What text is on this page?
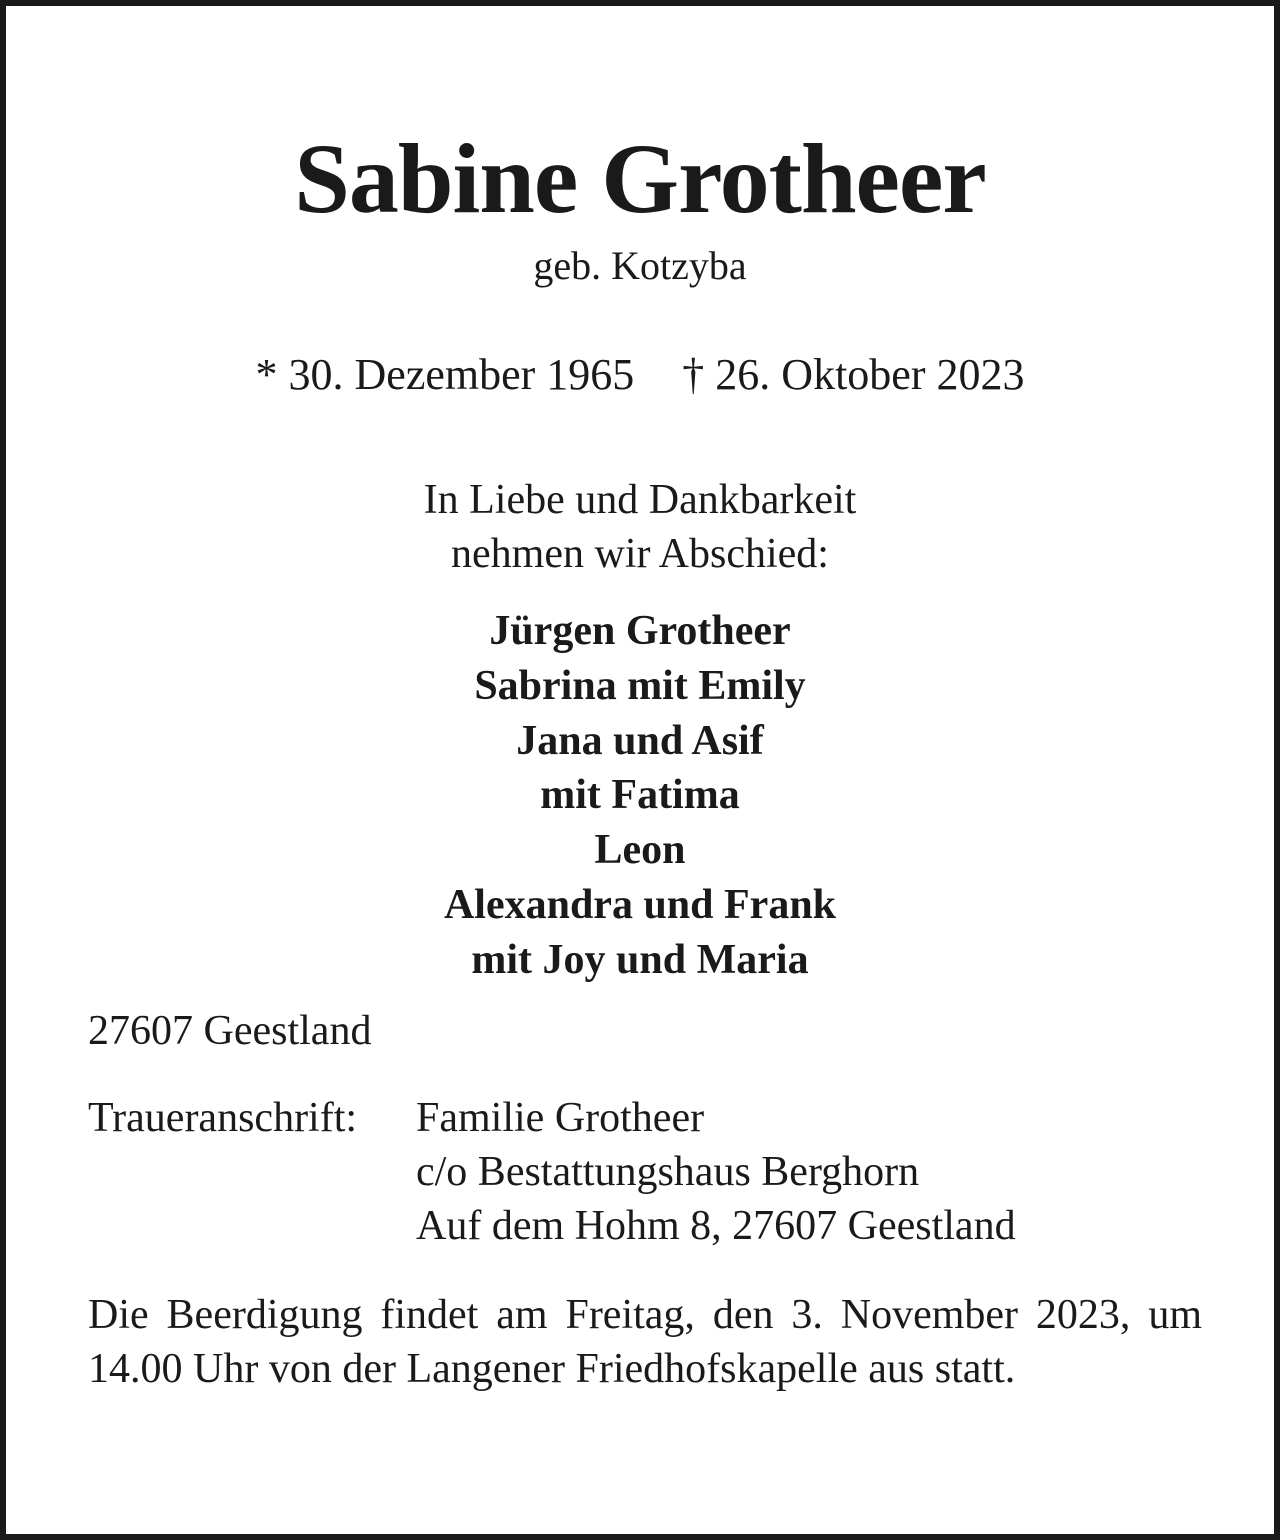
Sabine Grotheer
geb. Kotzyba
* 30. Dezember 1965 † 26. Oktober 2023
In Liebe und Dankbarkeit
nehmen wir Abschied:
Jürgen Grotheer
Sabrina mit Emily
Jana und Asif
mit Fatima
Leon
Alexandra und Frank
mit Joy und Maria
27607 Geestland
Traueranschrift:	Familie Grotheer
c/o Bestattungshaus Berghorn
Auf dem Hohm 8, 27607 Geestland
Die Beerdigung findet am Freitag, den 3. November 2023, um 14.00 Uhr von der Langener Friedhofskapelle aus statt.
